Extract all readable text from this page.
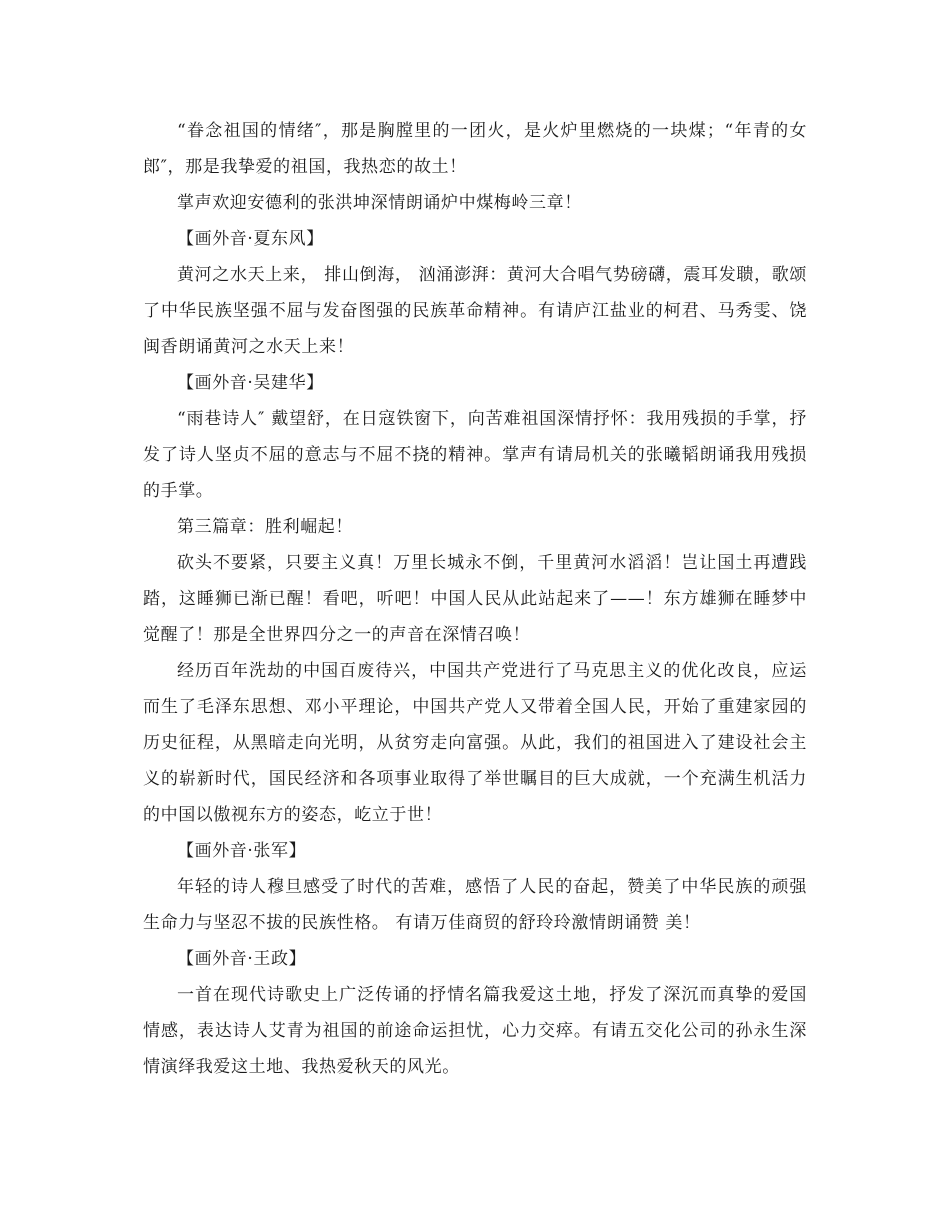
“眷念祖国的情绪″，那是胸膛里的一团火，是火炉里燃烧的一块煤；“年青的女郎″，那是我挚爱的祖国，我热恋的故土！

掌声欢迎安德利的张洪坤深情朗诵炉中煤梅岭三章！

【画外音·夏东风】

黄河之水天上来， 排山倒海， 汹涌澎湃：黄河大合唱气势磅礴，震耳发聩，歌颂了中华民族坚强不屈与发奋图强的民族革命精神。有请庐江盐业的柯君、马秀雯、饶闽香朗诵黄河之水天上来！

【画外音·吴建华】

“雨巷诗人″ 戴望舒，在日寇铁窗下，向苦难祖国深情抒怀：我用残损的手掌，抒发了诗人坚贞不屈的意志与不屈不挠的精神。掌声有请局机关的张曦韬朗诵我用残损的手掌。

第三篇章：胜利崛起！

砍头不要紧，只要主义真！万里长城永不倒，千里黄河水滔滔！岂让国土再遭践踏，这睡狮已渐已醒！看吧，听吧！中国人民从此站起来了——！东方雄狮在睡梦中觉醒了！那是全世界四分之一的声音在深情召唤！

经历百年洗劫的中国百废待兴，中国共产党进行了马克思主义的优化改良，应运而生了毛泽东思想、邓小平理论，中国共产党人又带着全国人民，开始了重建家园的历史征程，从黑暗走向光明，从贫穷走向富强。从此，我们的祖国进入了建设社会主义的崭新时代，国民经济和各项事业取得了举世瞩目的巨大成就，一个充满生机活力的中国以傲视东方的姿态，屹立于世！

【画外音·张军】

年轻的诗人穆旦感受了时代的苦难，感悟了人民的奋起，赞美了中华民族的顽强生命力与坚忍不拔的民族性格。 有请万佳商贸的舒玲玲激情朗诵赞 美！

【画外音·王政】

一首在现代诗歌史上广泛传诵的抒情名篇我爱这土地，抒发了深沉而真挚的爱国情感，表达诗人艾青为祖国的前途命运担忧，心力交瘁。有请五交化公司的孙永生深情演绎我爱这土地、我热爱秋天的风光。
